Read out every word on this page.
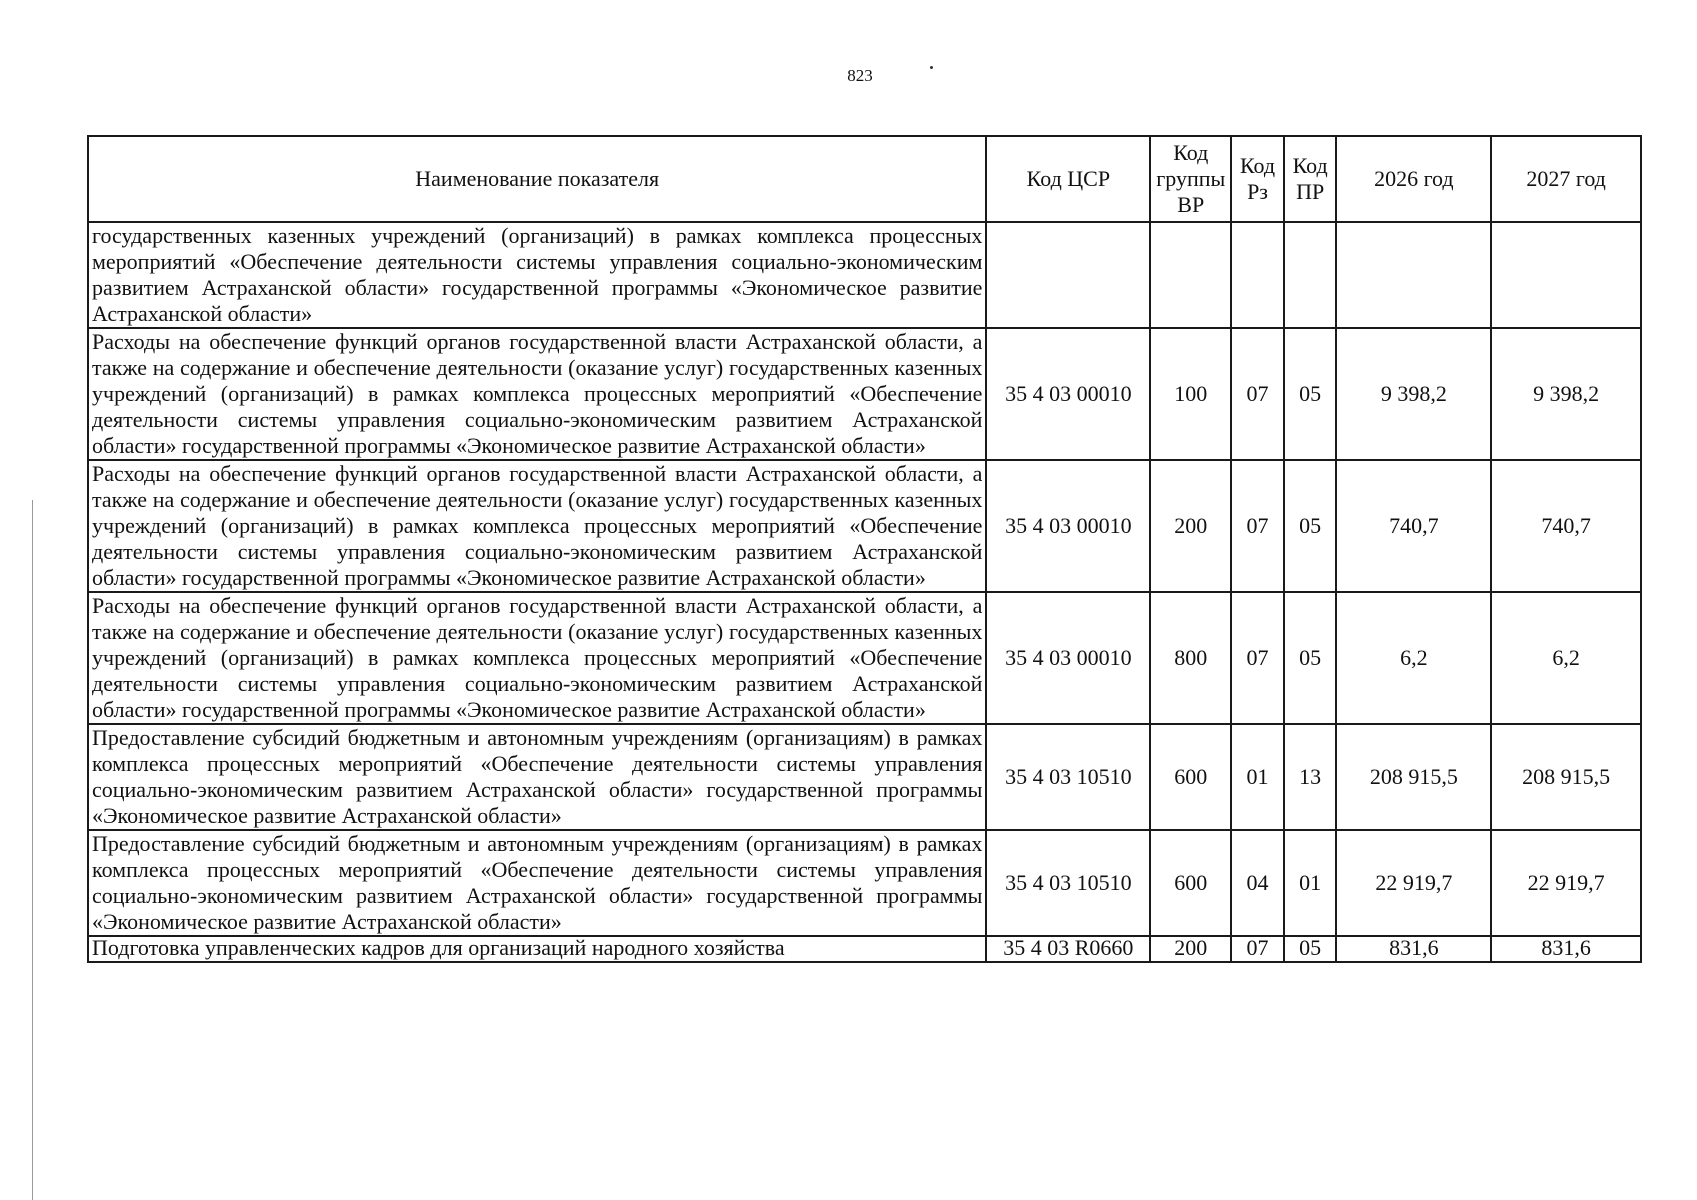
823
Наименование показателя	Код ЦСР	Код группы ВР	Код Рз	Код ПР	2026 год	2027 год
государственных казенных учреждений (организаций) в рамках комплекса процессных мероприятий «Обеспечение деятельности системы управления социально-экономическим развитием Астраханской области» государственной программы «Экономическое развитие Астраханской области»						
Расходы на обеспечение функций органов государственной власти Астраханской области, а также на содержание и обеспечение деятельности (оказание услуг) государственных казенных учреждений (организаций) в рамках комплекса процессных мероприятий «Обеспечение деятельности системы управления социально-экономическим развитием Астраханской области» государственной программы «Экономическое развитие Астраханской области»	35 4 03 00010	100	07	05	9 398,2	9 398,2
Расходы на обеспечение функций органов государственной власти Астраханской области, а также на содержание и обеспечение деятельности (оказание услуг) государственных казенных учреждений (организаций) в рамках комплекса процессных мероприятий «Обеспечение деятельности системы управления социально-экономическим развитием Астраханской области» государственной программы «Экономическое развитие Астраханской области»	35 4 03 00010	200	07	05	740,7	740,7
Расходы на обеспечение функций органов государственной власти Астраханской области, а также на содержание и обеспечение деятельности (оказание услуг) государственных казенных учреждений (организаций) в рамках комплекса процессных мероприятий «Обеспечение деятельности системы управления социально-экономическим развитием Астраханской области» государственной программы «Экономическое развитие Астраханской области»	35 4 03 00010	800	07	05	6,2	6,2
Предоставление субсидий бюджетным и автономным учреждениям (организациям) в рамках комплекса процессных мероприятий «Обеспечение деятельности системы управления социально-экономическим развитием Астраханской области» государственной программы «Экономическое развитие Астраханской области»	35 4 03 10510	600	01	13	208 915,5	208 915,5
Предоставление субсидий бюджетным и автономным учреждениям (организациям) в рамках комплекса процессных мероприятий «Обеспечение деятельности системы управления социально-экономическим развитием Астраханской области» государственной программы «Экономическое развитие Астраханской области»	35 4 03 10510	600	04	01	22 919,7	22 919,7
Подготовка управленческих кадров для организаций народного хозяйства	35 4 03 R0660	200	07	05	831,6	831,6
